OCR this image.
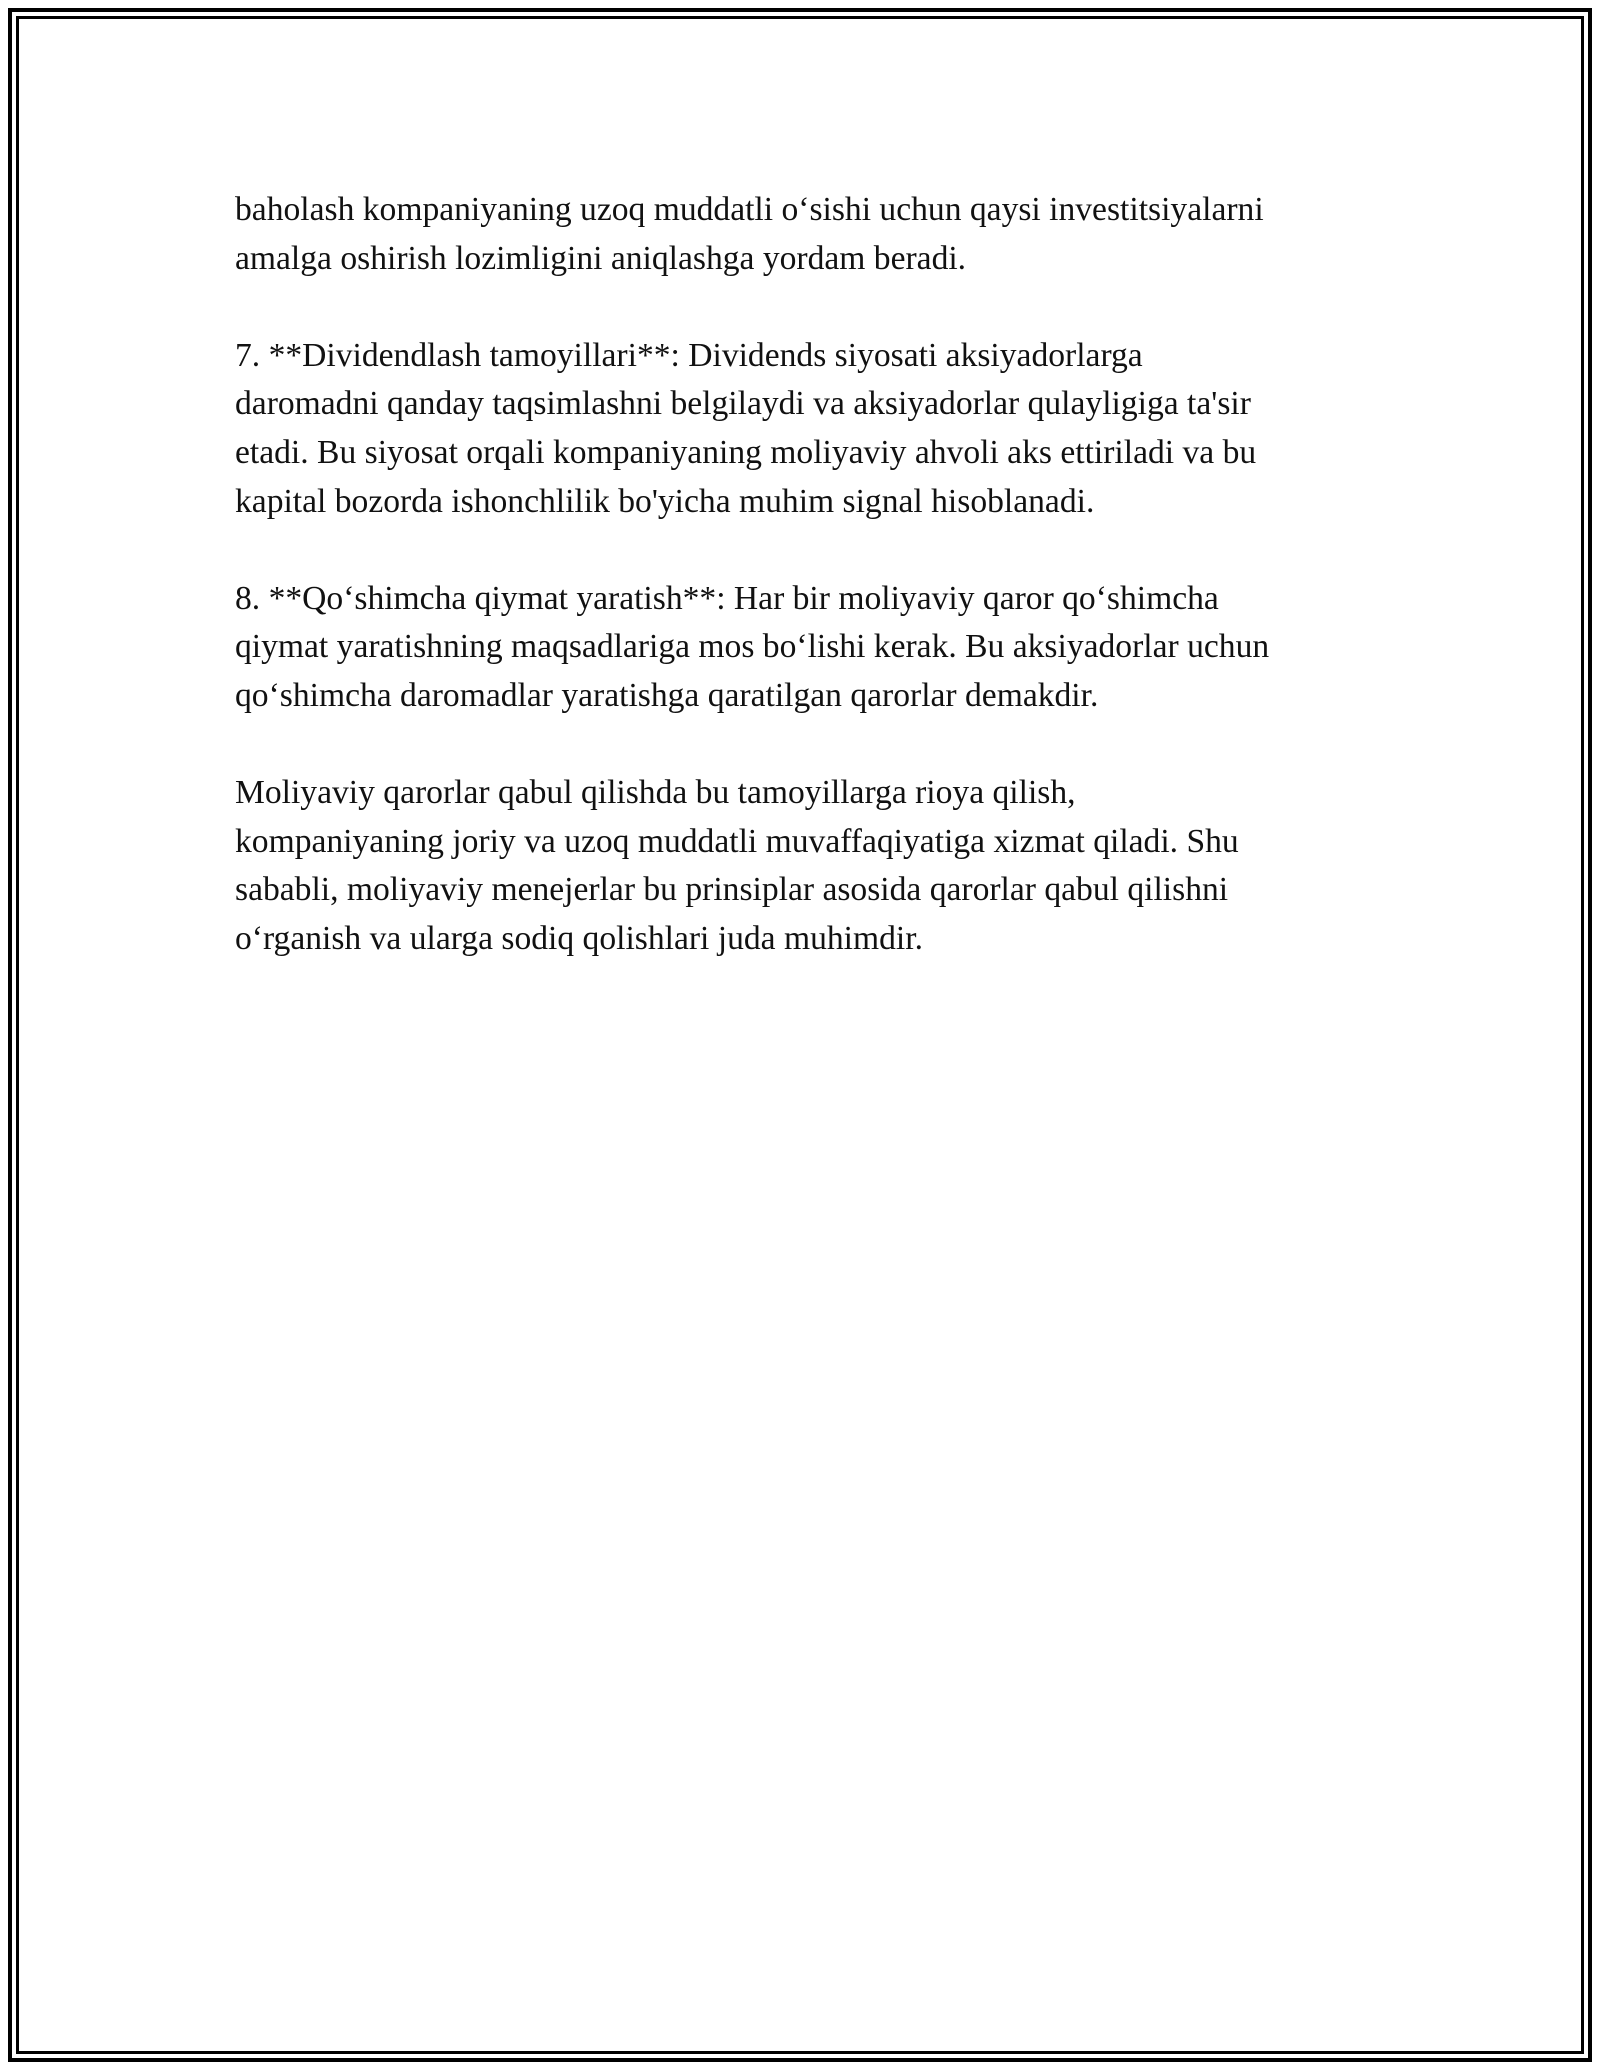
baholash kompaniyaning uzoq muddatli o‘sishi uchun qaysi investitsiyalarni
amalga oshirish lozimligini aniqlashga yordam beradi.

7. **Dividendlash tamoyillari**: Dividends siyosati aksiyadorlarga
daromadni qanday taqsimlashni belgilaydi va aksiyadorlar qulayligiga ta'sir
etadi. Bu siyosat orqali kompaniyaning moliyaviy ahvoli aks ettiriladi va bu
kapital bozorda ishonchlilik bo'yicha muhim signal hisoblanadi.

8. **Qo‘shimcha qiymat yaratish**: Har bir moliyaviy qaror qo‘shimcha
qiymat yaratishning maqsadlariga mos bo‘lishi kerak. Bu aksiyadorlar uchun
qo‘shimcha daromadlar yaratishga qaratilgan qarorlar demakdir.

Moliyaviy qarorlar qabul qilishda bu tamoyillarga rioya qilish,
kompaniyaning joriy va uzoq muddatli muvaffaqiyatiga xizmat qiladi. Shu
sababli, moliyaviy menejerlar bu prinsiplar asosida qarorlar qabul qilishni
o‘rganish va ularga sodiq qolishlari juda muhimdir.
